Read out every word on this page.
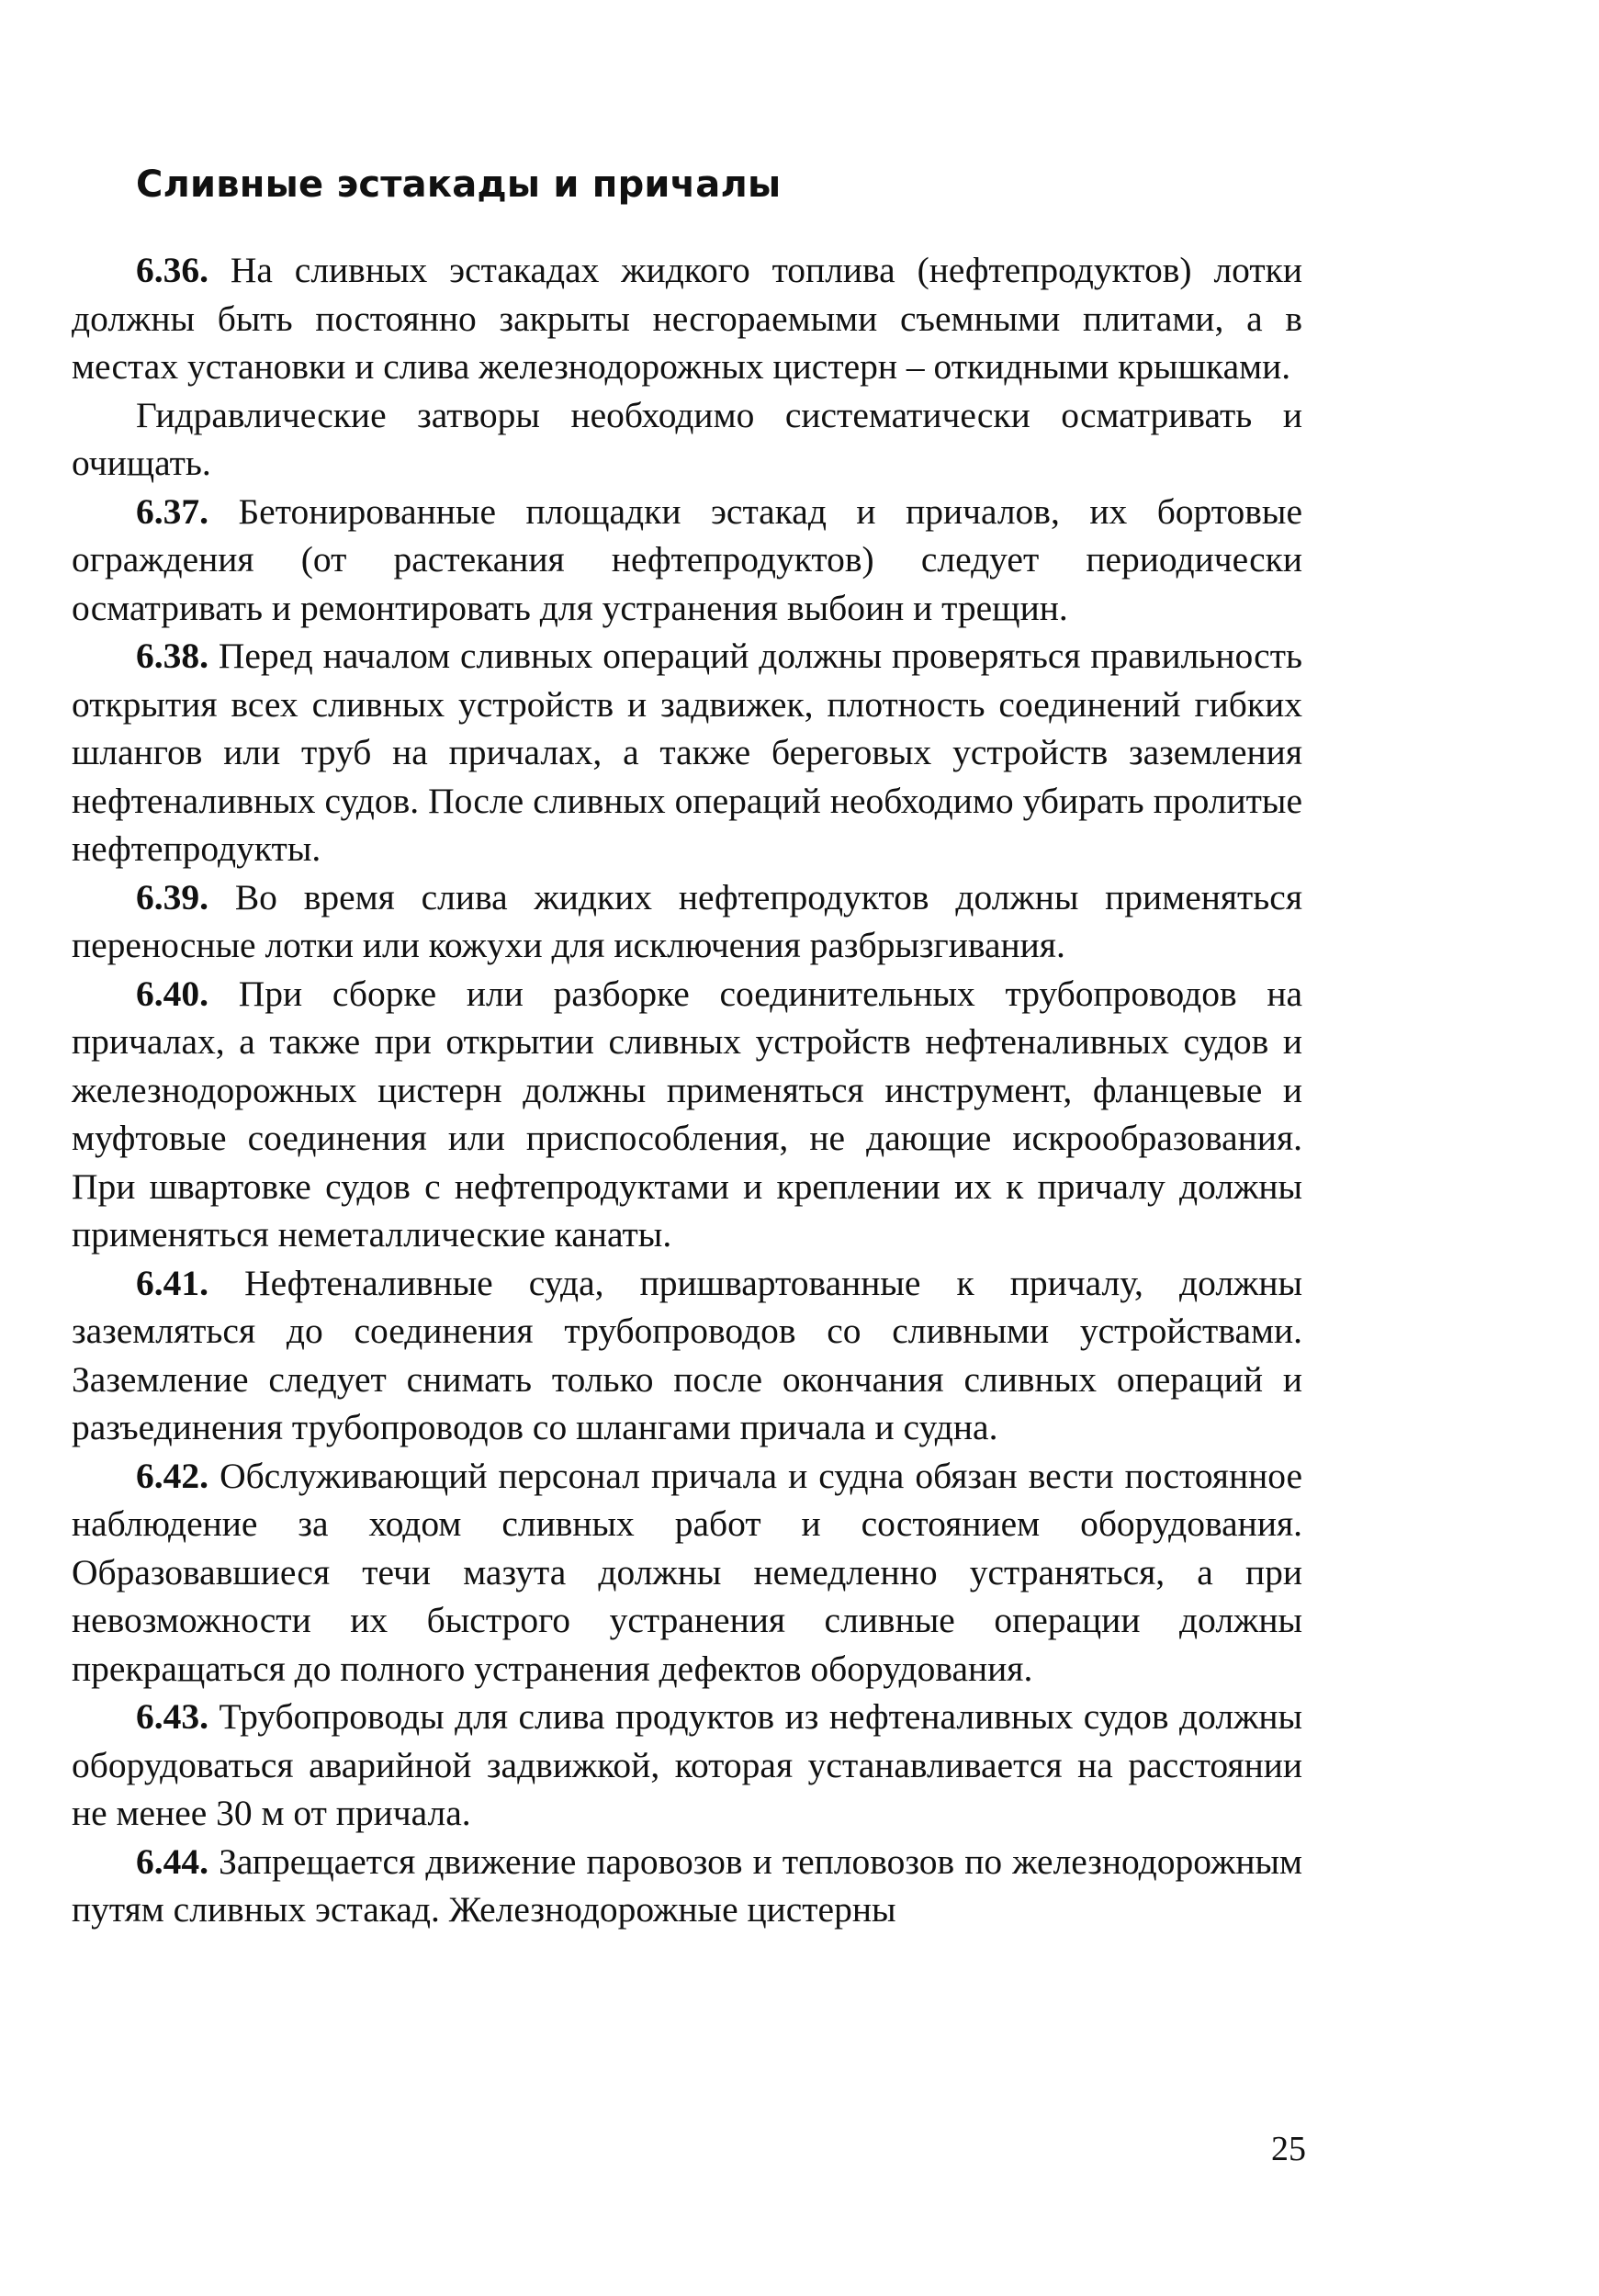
Сливные эстакады и причалы

6.36. На сливных эстакадах жидкого топлива (нефтепродуктов) лотки должны быть постоянно закрыты несгораемыми съемными плитами, а в местах установки и слива железнодорожных цистерн – откидными крышками.

Гидравлические затворы необходимо систематически осматривать и очищать.

6.37. Бетонированные площадки эстакад и причалов, их бортовые ограждения (от растекания нефтепродуктов) следует периодически осматривать и ремонтировать для устранения выбоин и трещин.

6.38. Перед началом сливных операций должны проверяться правильность открытия всех сливных устройств и задвижек, плотность соединений гибких шлангов или труб на причалах, а также береговых устройств заземления нефтеналивных судов. После сливных операций необходимо убирать пролитые нефтепродукты.

6.39. Во время слива жидких нефтепродуктов должны применяться переносные лотки или кожухи для исключения разбрызгивания.

6.40. При сборке или разборке соединительных трубопроводов на причалах, а также при открытии сливных устройств нефтеналивных судов и железнодорожных цистерн должны применяться инструмент, фланцевые и муфтовые соединения или приспособления, не дающие искрообразования. При швартовке судов с нефтепродуктами и креплении их к причалу должны применяться неметаллические канаты.

6.41. Нефтеналивные суда, пришвартованные к причалу, должны заземляться до соединения трубопроводов со сливными устройствами. Заземление следует снимать только после окончания сливных операций и разъединения трубопроводов со шлангами причала и судна.

6.42. Обслуживающий персонал причала и судна обязан вести постоянное наблюдение за ходом сливных работ и состоянием оборудования. Образовавшиеся течи мазута должны немедленно устраняться, а при невозможности их быстрого устранения сливные операции должны прекращаться до полного устранения дефектов оборудования.

6.43. Трубопроводы для слива продуктов из нефтеналивных судов должны оборудоваться аварийной задвижкой, которая устанавливается на расстоянии не менее 30 м от причала.

6.44. Запрещается движение паровозов и тепловозов по железнодорожным путям сливных эстакад. Железнодорожные цистерны

25
